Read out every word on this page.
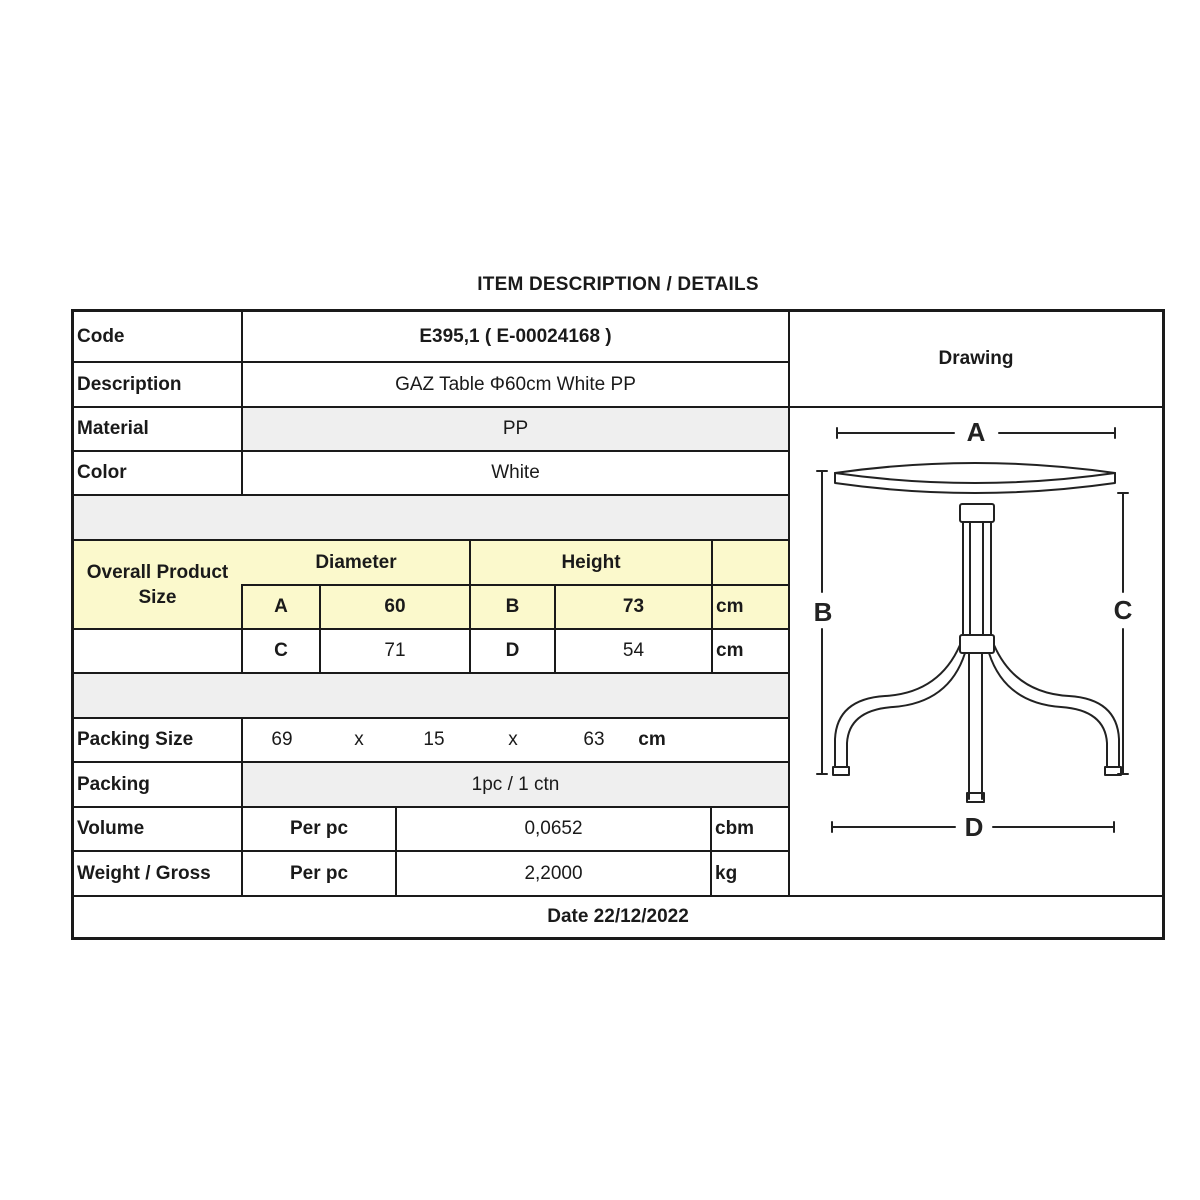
ITEM DESCRIPTION / DETAILS
Code	E395,1 ( E-00024168 )
Drawing
Description	GAZ Table Φ60cm White PP
Material	PP
Color	White
Overall Product
Size
Diameter	Height
A	60	B	73	cm
C	71	D	54	cm
Packing Size	69	x	15	x	63	cm
Packing	1pc / 1 ctn
Volume	Per pc	0,0652	cbm
Weight / Gross	Per pc	2,2000	kg
Date 22/12/2022
A
B	C
D
